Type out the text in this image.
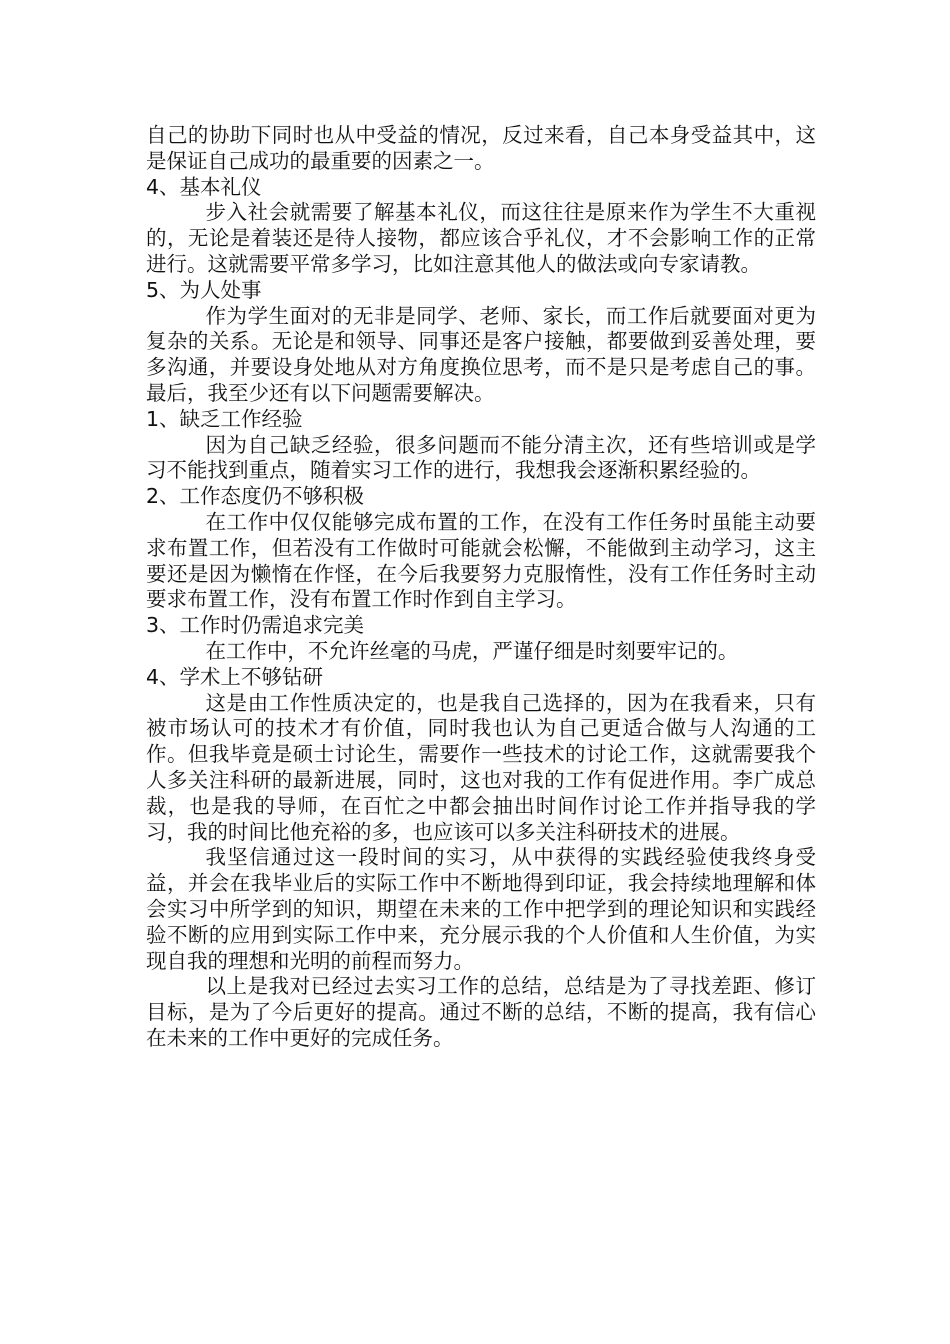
自己的协助下同时也从中受益的情况，反过来看，自己本身受益其中，这是保证自己成功的最重要的因素之一。

4、基本礼仪

步入社会就需要了解基本礼仪，而这往往是原来作为学生不大重视的，无论是着装还是待人接物，都应该合乎礼仪，才不会影响工作的正常进行。这就需要平常多学习，比如注意其他人的做法或向专家请教。

5、为人处事

作为学生面对的无非是同学、老师、家长，而工作后就要面对更为复杂的关系。无论是和领导、同事还是客户接触，都要做到妥善处理，要多沟通，并要设身处地从对方角度换位思考，而不是只是考虑自己的事。最后，我至少还有以下问题需要解决。

1、缺乏工作经验

因为自己缺乏经验，很多问题而不能分清主次，还有些培训或是学习不能找到重点，随着实习工作的进行，我想我会逐渐积累经验的。

2、工作态度仍不够积极

在工作中仅仅能够完成布置的工作，在没有工作任务时虽能主动要求布置工作，但若没有工作做时可能就会松懈，不能做到主动学习，这主要还是因为懒惰在作怪，在今后我要努力克服惰性，没有工作任务时主动要求布置工作，没有布置工作时作到自主学习。

3、工作时仍需追求完美

在工作中，不允许丝毫的马虎，严谨仔细是时刻要牢记的。

4、学术上不够钻研

这是由工作性质决定的，也是我自己选择的，因为在我看来，只有被市场认可的技术才有价值，同时我也认为自己更适合做与人沟通的工作。但我毕竟是硕士讨论生，需要作一些技术的讨论工作，这就需要我个人多关注科研的最新进展，同时，这也对我的工作有促进作用。李广成总裁，也是我的导师，在百忙之中都会抽出时间作讨论工作并指导我的学习，我的时间比他充裕的多，也应该可以多关注科研技术的进展。

我坚信通过这一段时间的实习，从中获得的实践经验使我终身受益，并会在我毕业后的实际工作中不断地得到印证，我会持续地理解和体会实习中所学到的知识，期望在未来的工作中把学到的理论知识和实践经验不断的应用到实际工作中来，充分展示我的个人价值和人生价值，为实现自我的理想和光明的前程而努力。

以上是我对已经过去实习工作的总结，总结是为了寻找差距、修订目标，是为了今后更好的提高。通过不断的总结，不断的提高，我有信心在未来的工作中更好的完成任务。
